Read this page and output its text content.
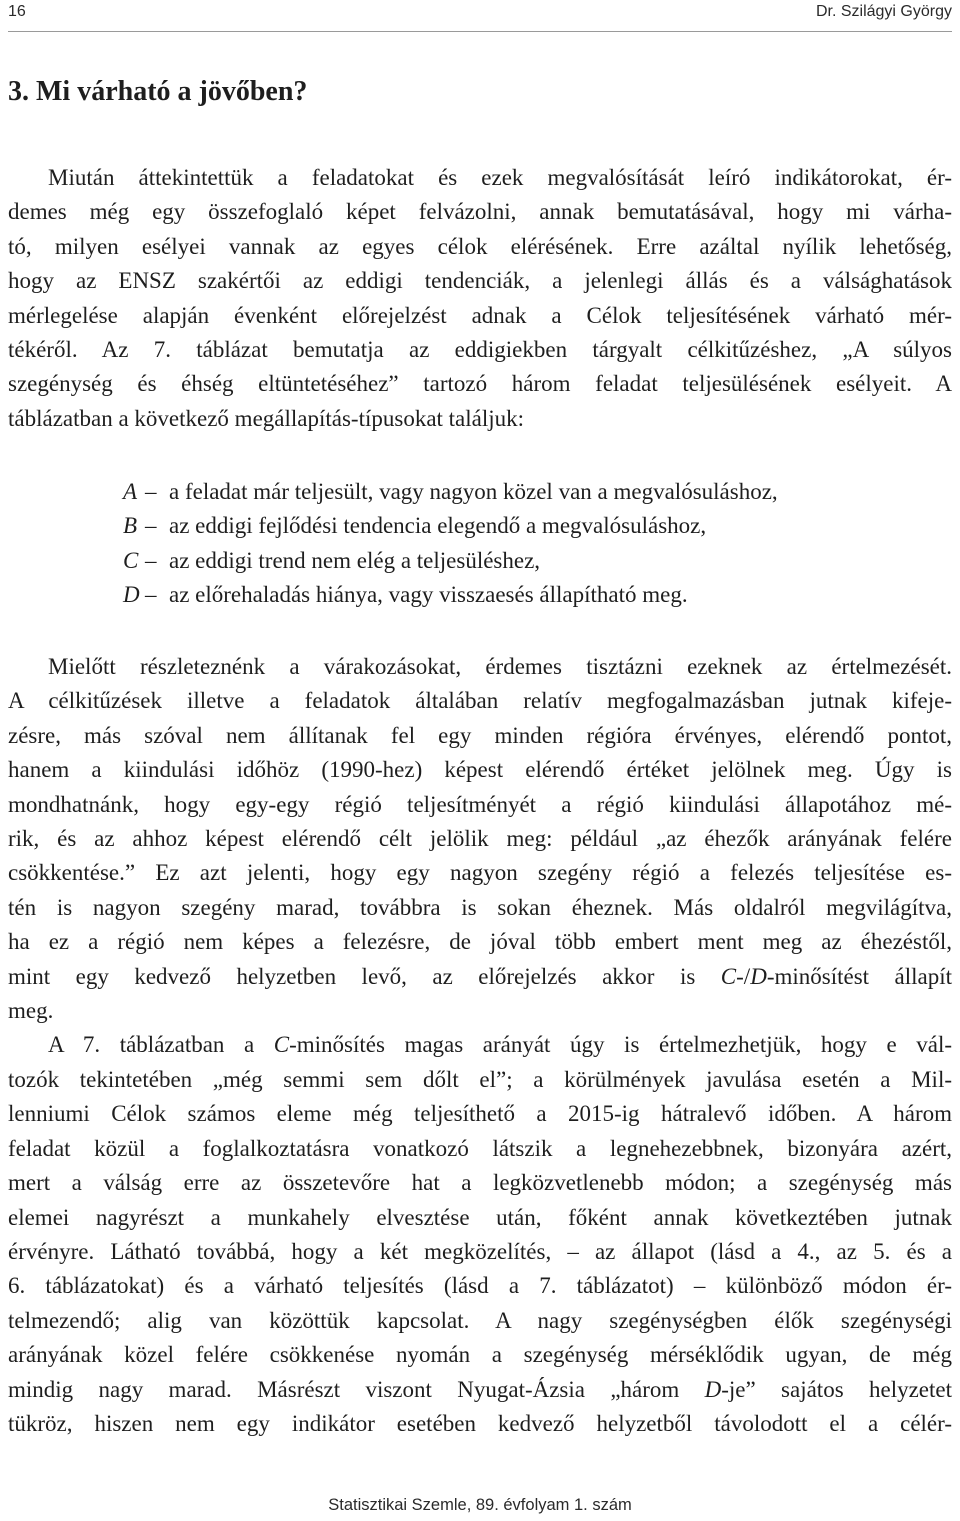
16	Dr. Szilágyi György
3. Mi várható a jövőben?
Miután áttekintettük a feladatokat és ezek megvalósítását leíró indikátorokat, ér-
demes még egy összefoglaló képet felvázolni, annak bemutatásával, hogy mi várha-
tó, milyen esélyei vannak az egyes célok elérésének. Erre azáltal nyílik lehetőség,
hogy az ENSZ szakértői az eddigi tendenciák, a jelenlegi állás és a válsághatások
mérlegelése alapján évenként előrejelzést adnak a Célok teljesítésének várható mér-
tékéről. Az 7. táblázat bemutatja az eddigiekben tárgyalt célkitűzéshez, „A súlyos
szegénység és éhség eltüntetéséhez” tartozó három feladat teljesülésének esélyeit. A
táblázatban a következő megállapítás-típusokat találjuk:
A – a feladat már teljesült, vagy nagyon közel van a megvalósuláshoz,
B – az eddigi fejlődési tendencia elegendő a megvalósuláshoz,
C – az eddigi trend nem elég a teljesüléshez,
D – az előrehaladás hiánya, vagy visszaesés állapítható meg.
Mielőtt részleteznénk a várakozásokat, érdemes tisztázni ezeknek az értelmezését.
A célkitűzések illetve a feladatok általában relatív megfogalmazásban jutnak kifeje-
zésre, más szóval nem állítanak fel egy minden régióra érvényes, elérendő pontot,
hanem a kiindulási időhöz (1990-hez) képest elérendő értéket jelölnek meg. Úgy is
mondhatnánk, hogy egy-egy régió teljesítményét a régió kiindulási állapotához mé-
rik, és az ahhoz képest elérendő célt jelölik meg: például „az éhezők arányának felére
csökkentése.” Ez azt jelenti, hogy egy nagyon szegény régió a felezés teljesítése es-
tén is nagyon szegény marad, továbbra is sokan éheznek. Más oldalról megvilágítva,
ha ez a régió nem képes a felezésre, de jóval több embert ment meg az éhezéstől,
mint egy kedvező helyzetben levő, az előrejelzés akkor is C-/D-minősítést állapít
meg.
A 7. táblázatban a C-minősítés magas arányát úgy is értelmezhetjük, hogy e vál-
tozók tekintetében „még semmi sem dőlt el”; a körülmények javulása esetén a Mil-
lenniumi Célok számos eleme még teljesíthető a 2015-ig hátralevő időben. A három
feladat közül a foglalkoztatásra vonatkozó látszik a legnehezebbnek, bizonyára azért,
mert a válság erre az összetevőre hat a legközvetlenebb módon; a szegénység más
elemei nagyrészt a munkahely elvesztése után, főként annak következtében jutnak
érvényre. Látható továbbá, hogy a két megközelítés, – az állapot (lásd a 4., az 5. és a
6. táblázatokat) és a várható teljesítés (lásd a 7. táblázatot) – különböző módon ér-
telmezendő; alig van közöttük kapcsolat. A nagy szegénységben élők szegénységi
arányának közel felére csökkenése nyomán a szegénység mérséklődik ugyan, de még
mindig nagy marad. Másrészt viszont Nyugat-Ázsia „három D-je” sajátos helyzetet
tükröz, hiszen nem egy indikátor esetében kedvező helyzetből távolodott el a célér-
Statisztikai Szemle, 89. évfolyam 1. szám
